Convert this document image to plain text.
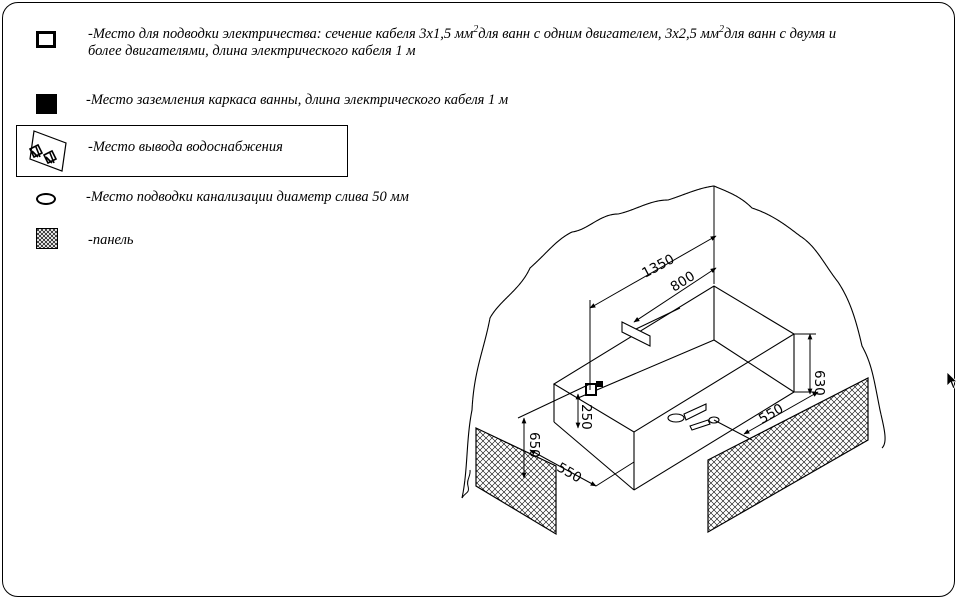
-Место для подводки электричества: сечение кабеля 3х1,5 $мм^2для$ ванн с одним двигателем, 3х2,5 $мм^2для$ ванн с двумя и
более двигателями, длина электрического кабеля 1 м
-Место заземления каркаса ванны, длина электрического кабеля 1 м
-Место вывода водоснабжения
-Место подводки канализации диаметр слива 50 мм
-панель
1350
800
630
550
550
650
250
